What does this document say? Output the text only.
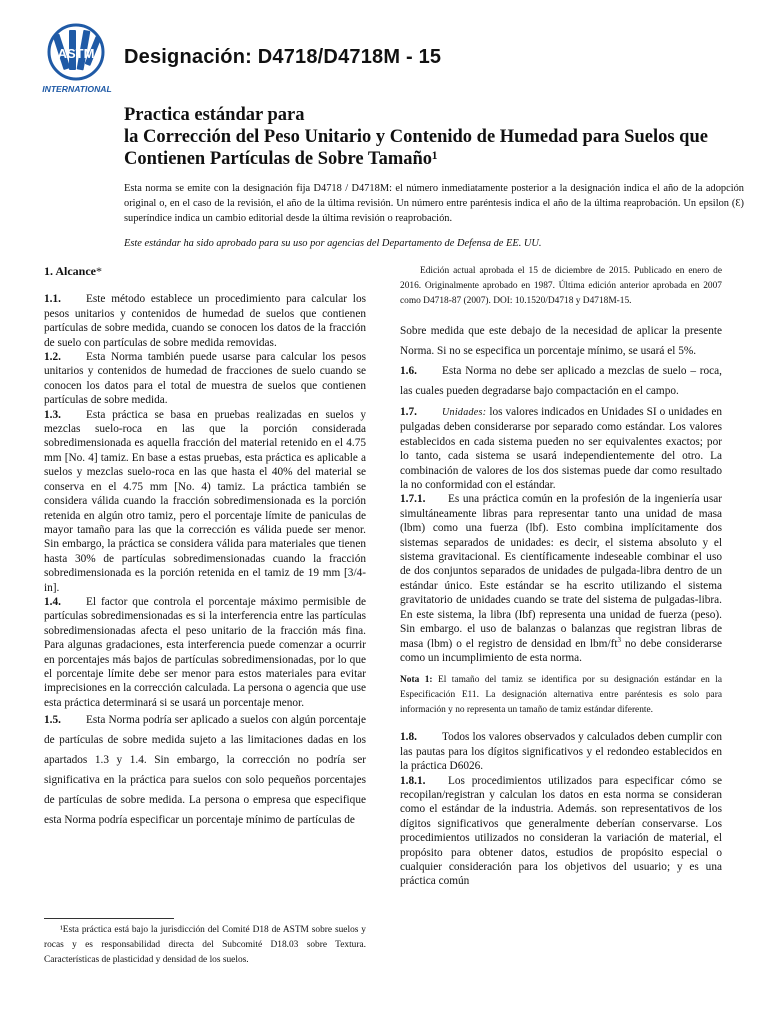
ASTM
INTERNATIONAL
Designación: D4718/D4718M - 15
Practica estándar para
la Corrección del Peso Unitario y Contenido de Humedad para Suelos que
Contienen Partículas de Sobre Tamaño¹
Esta norma se emite con la designación fija D4718 / D4718M: el número inmediatamente posterior a la designación indica el año de la adopción original o, en el caso de la revisión, el año de la última revisión. Un número entre paréntesis indica el año de la última reaprobación. Un epsilon (Ɛ) superíndice indica un cambio editorial desde la última revisión o reaprobación.
Este estándar ha sido aprobado para su uso por agencias del Departamento de Defensa de EE. UU.

1. Alcance*

1.1. Este método establece un procedimiento para calcular los pesos unitarios y contenidos de humedad de suelos que contienen partículas de sobre medida, cuando se conocen los datos de la fracción de suelo con partículas de sobre medida removidas.

1.2. Esta Norma también puede usarse para calcular los pesos unitarios y contenidos de humedad de fracciones de suelo cuando se conocen los datos para el total de muestra de suelos que contienen partículas de sobre medida.

1.3. Esta práctica se basa en pruebas realizadas en suelos y mezclas suelo-roca en las que la porción considerada sobredimensionada es aquella fracción del material retenido en el 4.75 mm [No. 4] tamiz. En base a estas pruebas, esta práctica es aplicable a suelos y mezclas suelo-roca en las que hasta el 40% del material se conserva en el 4.75 mm [No. 4) tamiz. La práctica también se considera válida cuando la fracción sobredimensionada es la porción retenida en algún otro tamiz, pero el porcentaje límite de paniculas de mayor tamaño para las que la corrección es válida puede ser menor. Sin embargo, la práctica se considera válida para materiales que tienen hasta 30% de partículas sobredimensionadas cuando la fracción sobredimensionada es la porción retenida en el tamiz de 19 mm [3/4-in].

1.4. El factor que controla el porcentaje máximo permisible de partículas sobredimensionadas es si la interferencia entre las partículas sobredimensionadas afecta el peso unitario de la fracción más fina. Para algunas gradaciones, esta interferencia puede comenzar a ocurrir en porcentajes más bajos de partículas sobredimensionadas, por lo que el porcentaje límite debe ser menor para estos materiales para evitar imprecisiones en la corrección calculada. La persona o agencia que use esta práctica determinará si se usará un porcentaje menor.

1.5. Esta Norma podría ser aplicado a suelos con algún porcentaje de partículas de sobre medida sujeto a las limitaciones dadas en los apartados 1.3 y 1.4. Sin embargo, la corrección no podría ser significativa en la práctica para suelos con solo pequeños porcentajes de partículas de sobre medida. La persona o empresa que especifique esta Norma podría especificar un porcentaje mínimo de partículas de

¹Esta práctica está bajo la jurisdicción del Comité D18 de ASTM sobre suelos y rocas y es responsabilidad directa del Subcomité D18.03 sobre Textura. Características de plasticidad y densidad de los suelos.

Edición actual aprobada el 15 de diciembre de 2015. Publicado en enero de 2016. Originalmente aprobado en 1987. Última edición anterior aprobada en 2007 como D4718-87 (2007). DOI: 10.1520/D4718 y D4718M-15.

Sobre medida que este debajo de la necesidad de aplicar la presente Norma. Si no se especifica un porcentaje mínimo, se usará el 5%.

1.6. Esta Norma no debe ser aplicado a mezclas de suelo – roca, las cuales pueden degradarse bajo compactación en el campo.

1.7.	Unidades: los valores indicados en Unidades SI o unidades en pulgadas deben considerarse por separado como estándar. Los valores establecidos en cada sistema pueden no ser equivalentes exactos; por lo tanto, cada sistema se usará independientemente del otro. La combinación de valores de los dos sistemas puede dar como resultado la no conformidad con el estándar.

1.7.1. Es una práctica común en la profesión de la ingeniería usar simultáneamente libras para representar tanto una unidad de masa (lbm) como una fuerza (lbf). Esto combina implícitamente dos sistemas separados de unidades: es decir, el sistema absoluto y el sistema gravitacional. Es científicamente indeseable combinar el uso de dos conjuntos separados de unidades de pulgada-libra dentro de un estándar único. Este estándar se ha escrito utilizando el sistema gravitatorio de unidades cuando se trate del sistema de pulgadas-libra. En este sistema, la libra (Ibf) representa una unidad de fuerza (peso). Sin embargo. el uso de balanzas o balanzas que registran libras de masa (lbm) o el registro de densidad en lbm/$ft^3$ no debe considerarse como un incumplimiento de esta norma.

Nota 1: El tamaño del tamiz se identifica por su designación estándar en la Especificación E11. La designación alternativa entre paréntesis es solo para información y no representa un tamaño de tamiz estándar diferente.

1.8. Todos los valores observados y calculados deben cumplir con las pautas para los dígitos significativos y el redondeo establecidos en la práctica D6026.

1.8.1. Los procedimientos utilizados para especificar cómo se recopilan/registran y calculan los datos en esta norma se consideran como el estándar de la industria. Además. son representativos de los dígitos significativos que generalmente deberían conservarse. Los procedimientos utilizados no consideran la variación de material, el propósito para obtener datos, estudios de propósito especial o cualquier consideración para los objetivos del usuario; y es una práctica común
